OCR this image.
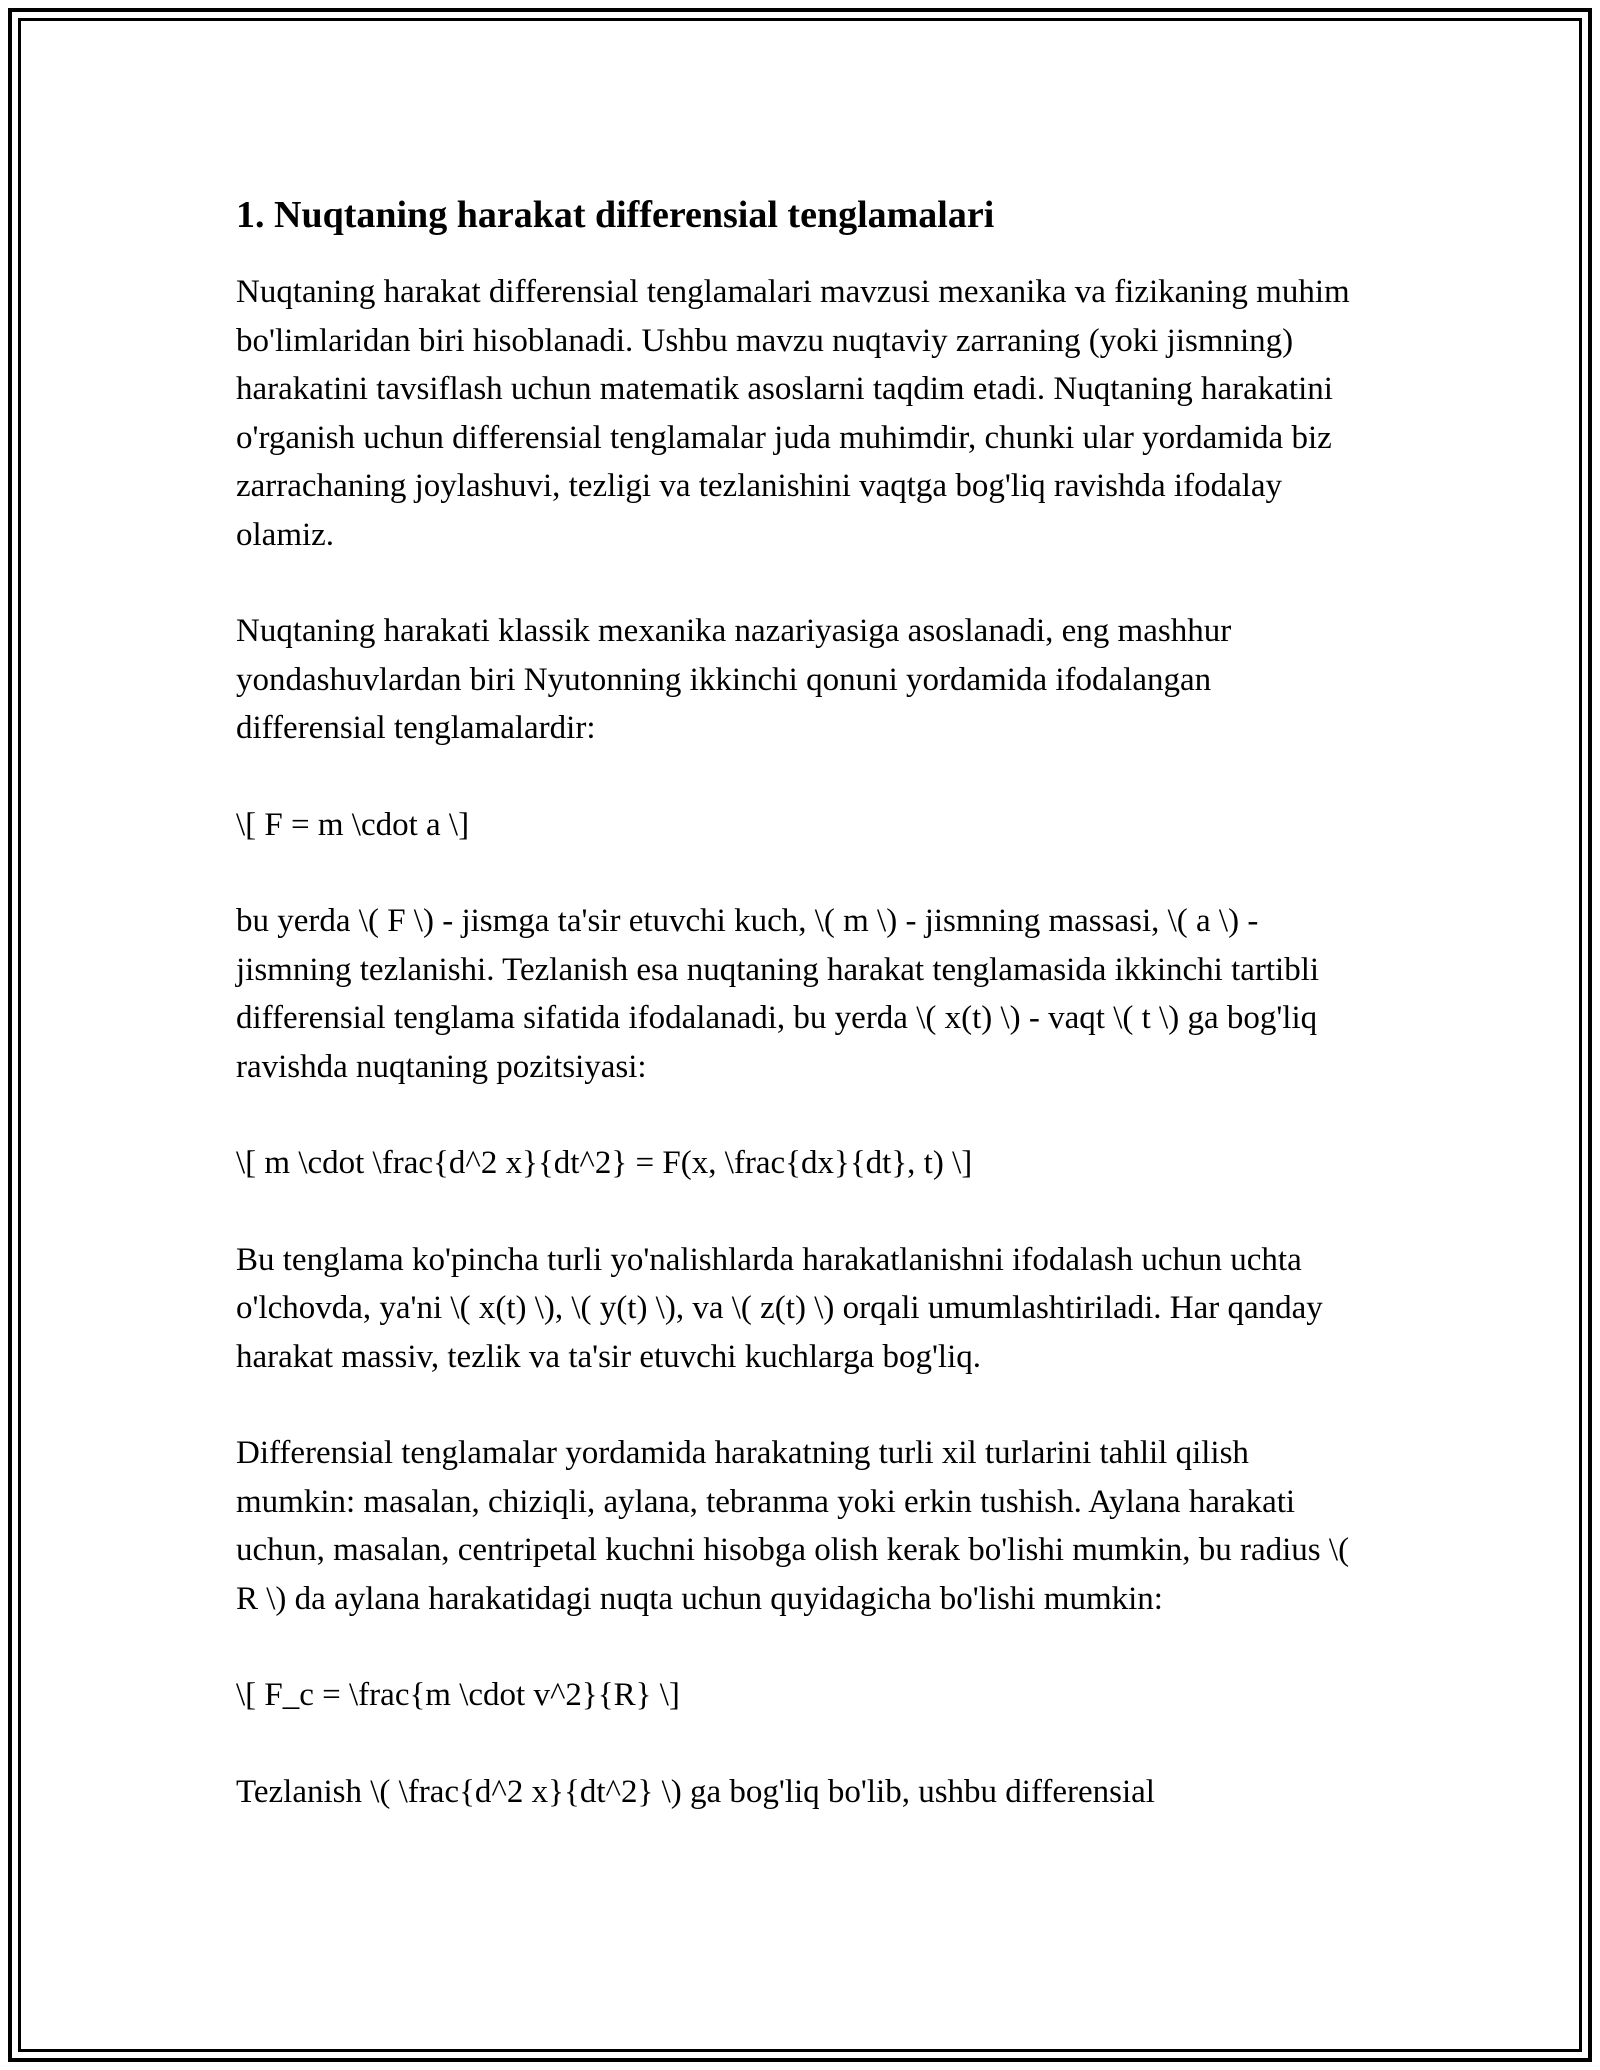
1. Nuqtaning harakat differensial tenglamalari

Nuqtaning harakat differensial tenglamalari mavzusi mexanika va fizikaning muhim bo'limlaridan biri hisoblanadi. Ushbu mavzu nuqtaviy zarraning (yoki jismning) harakatini tavsiflash uchun matematik asoslarni taqdim etadi. Nuqtaning harakatini o'rganish uchun differensial tenglamalar juda muhimdir, chunki ular yordamida biz zarrachaning joylashuvi, tezligi va tezlanishini vaqtga bog'liq ravishda ifodalay olamiz.

Nuqtaning harakati klassik mexanika nazariyasiga asoslanadi, eng mashhur yondashuvlardan biri Nyutonning ikkinchi qonuni yordamida ifodalangan differensial tenglamalardir:

\[ F = m \cdot a \]

bu yerda \( F \) - jismga ta'sir etuvchi kuch, \( m \) - jismning massasi, \( a \) - jismning tezlanishi. Tezlanish esa nuqtaning harakat tenglamasida ikkinchi tartibli differensial tenglama sifatida ifodalanadi, bu yerda \( x(t) \) - vaqt \( t \) ga bog'liq ravishda nuqtaning pozitsiyasi:

\[ m \cdot \frac{d^2 x}{dt^2} = F(x, \frac{dx}{dt}, t) \]

Bu tenglama ko'pincha turli yo'nalishlarda harakatlanishni ifodalash uchun uchta o'lchovda, ya'ni \( x(t) \), \( y(t) \), va \( z(t) \) orqali umumlashtiriladi. Har qanday harakat massiv, tezlik va ta'sir etuvchi kuchlarga bog'liq.

Differensial tenglamalar yordamida harakatning turli xil turlarini tahlil qilish mumkin: masalan, chiziqli, aylana, tebranma yoki erkin tushish. Aylana harakati uchun, masalan, centripetal kuchni hisobga olish kerak bo'lishi mumkin, bu radius \( R \) da aylana harakatidagi nuqta uchun quyidagicha bo'lishi mumkin:

\[ F_c = \frac{m \cdot v^2}{R} \]

Tezlanish \( \frac{d^2 x}{dt^2} \) ga bog'liq bo'lib, ushbu differensial
